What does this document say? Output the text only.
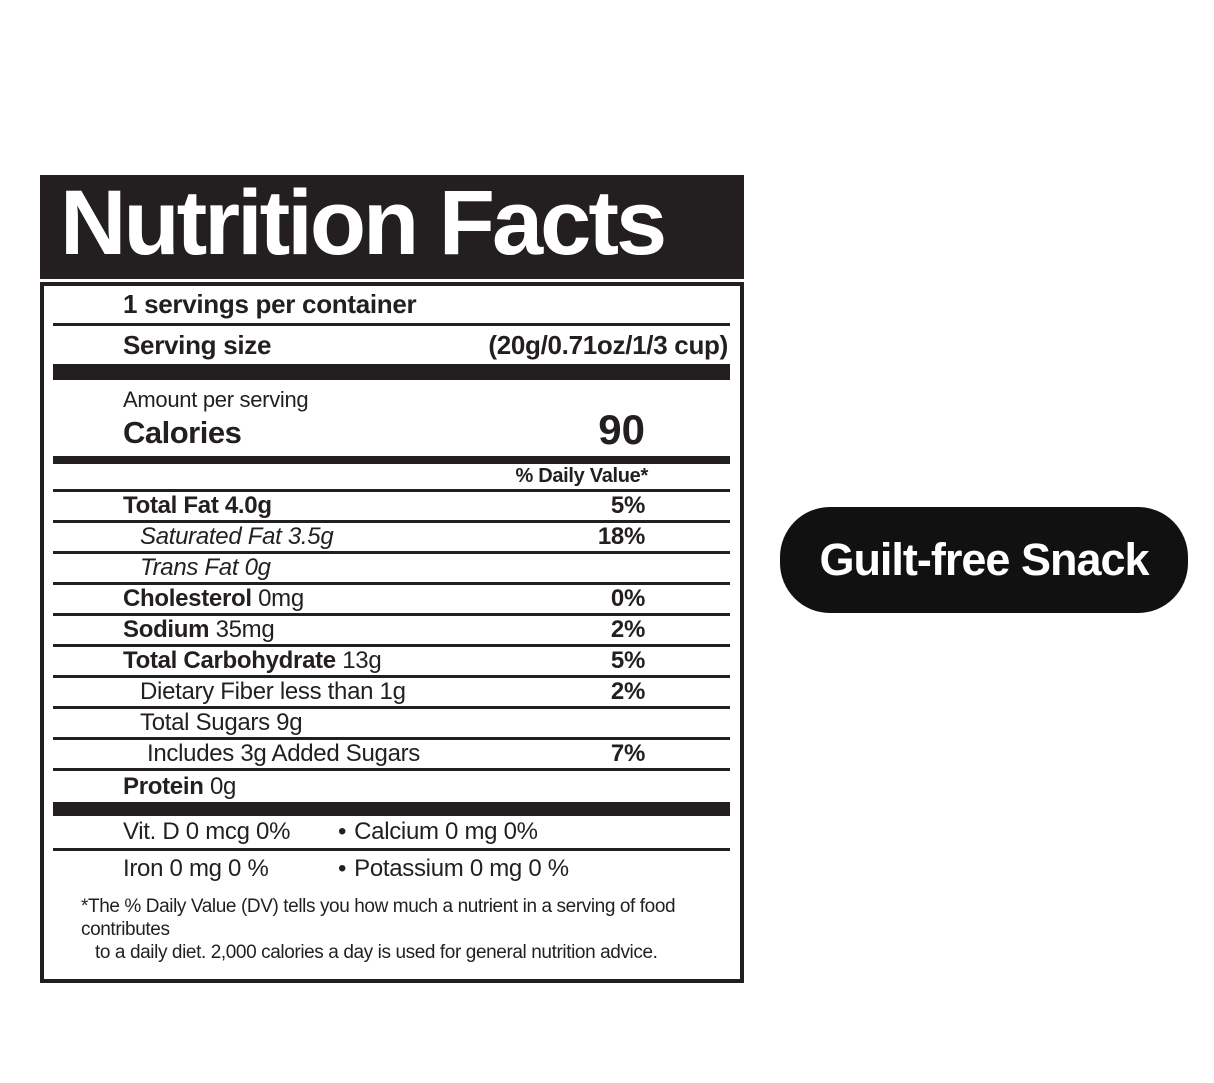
Nutrition Facts
1 servings per container
Serving size	(20g/0.71oz/1/3 cup)
Amount per serving
Calories	90
% Daily Value*
Total Fat 4.0g	5%
Saturated Fat 3.5g	18%
Trans Fat 0g
Cholesterol 0mg	0%
Sodium 35mg	2%
Total Carbohydrate 13g	5%
Dietary Fiber less than 1g	2%
Total Sugars 9g
Includes 3g Added Sugars	7%
Protein 0g
Vit. D 0 mcg 0%	• Calcium 0 mg 0%
Iron 0 mg 0 %	• Potassium 0 mg 0 %
*The % Daily Value (DV) tells you how much a nutrient in a serving of food contributes
to a daily diet. 2,000 calories a day is used for general nutrition advice.
Guilt-free Snack
